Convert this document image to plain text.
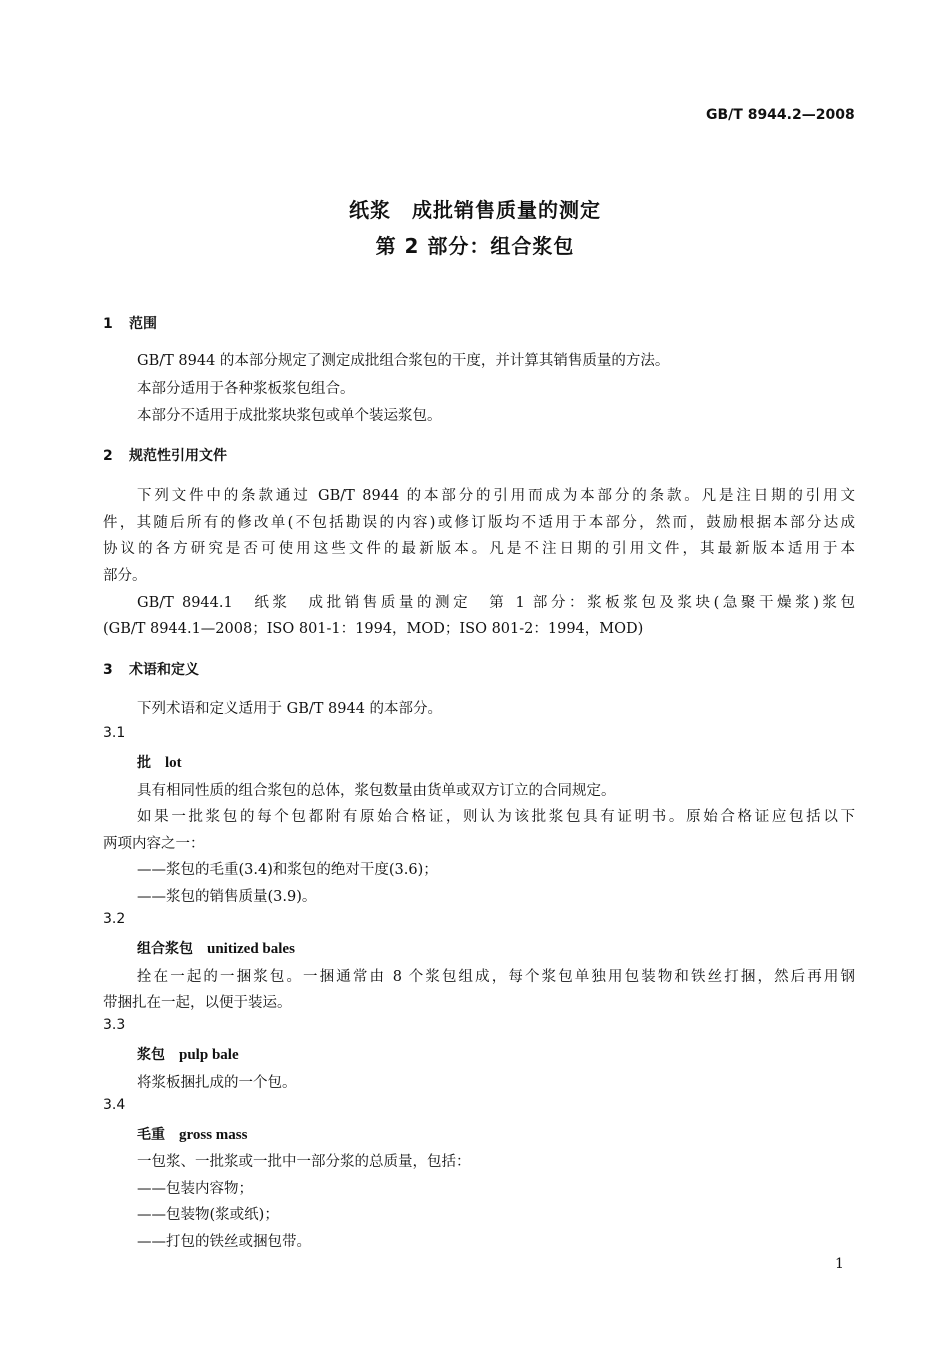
GB/T 8944.2—2008
纸浆　成批销售质量的测定
第 2 部分：组合浆包
1 范围
GB/T 8944 的本部分规定了测定成批组合浆包的干度，并计算其销售质量的方法。
本部分适用于各种浆板浆包组合。
本部分不适用于成批浆块浆包或单个装运浆包。
2 规范性引用文件
下列文件中的条款通过 GB/T 8944 的本部分的引用而成为本部分的条款。凡是注日期的引用文
件，其随后所有的修改单(不包括勘误的内容)或修订版均不适用于本部分，然而，鼓励根据本部分达成
协议的各方研究是否可使用这些文件的最新版本。凡是不注日期的引用文件，其最新版本适用于本
部分。
GB/T 8944.1　纸浆　成批销售质量的测定　第 1 部分：浆板浆包及浆块(急聚干燥浆)浆包
(GB/T 8944.1—2008；ISO 801-1：1994，MOD；ISO 801-2：1994，MOD)
3 术语和定义
下列术语和定义适用于 GB/T 8944 的本部分。
3.1
批 lot
具有相同性质的组合浆包的总体，浆包数量由货单或双方订立的合同规定。
如果一批浆包的每个包都附有原始合格证，则认为该批浆包具有证明书。原始合格证应包括以下
两项内容之一：
——浆包的毛重(3.4)和浆包的绝对干度(3.6)；
——浆包的销售质量(3.9)。
3.2
组合浆包 unitized bales
拴在一起的一捆浆包。一捆通常由 8 个浆包组成，每个浆包单独用包装物和铁丝打捆，然后再用钢
带捆扎在一起，以便于装运。
3.3
浆包 pulp bale
将浆板捆扎成的一个包。
3.4
毛重 gross mass
一包浆、一批浆或一批中一部分浆的总质量，包括：
——包装内容物；
——包装物(浆或纸)；
——打包的铁丝或捆包带。
1
